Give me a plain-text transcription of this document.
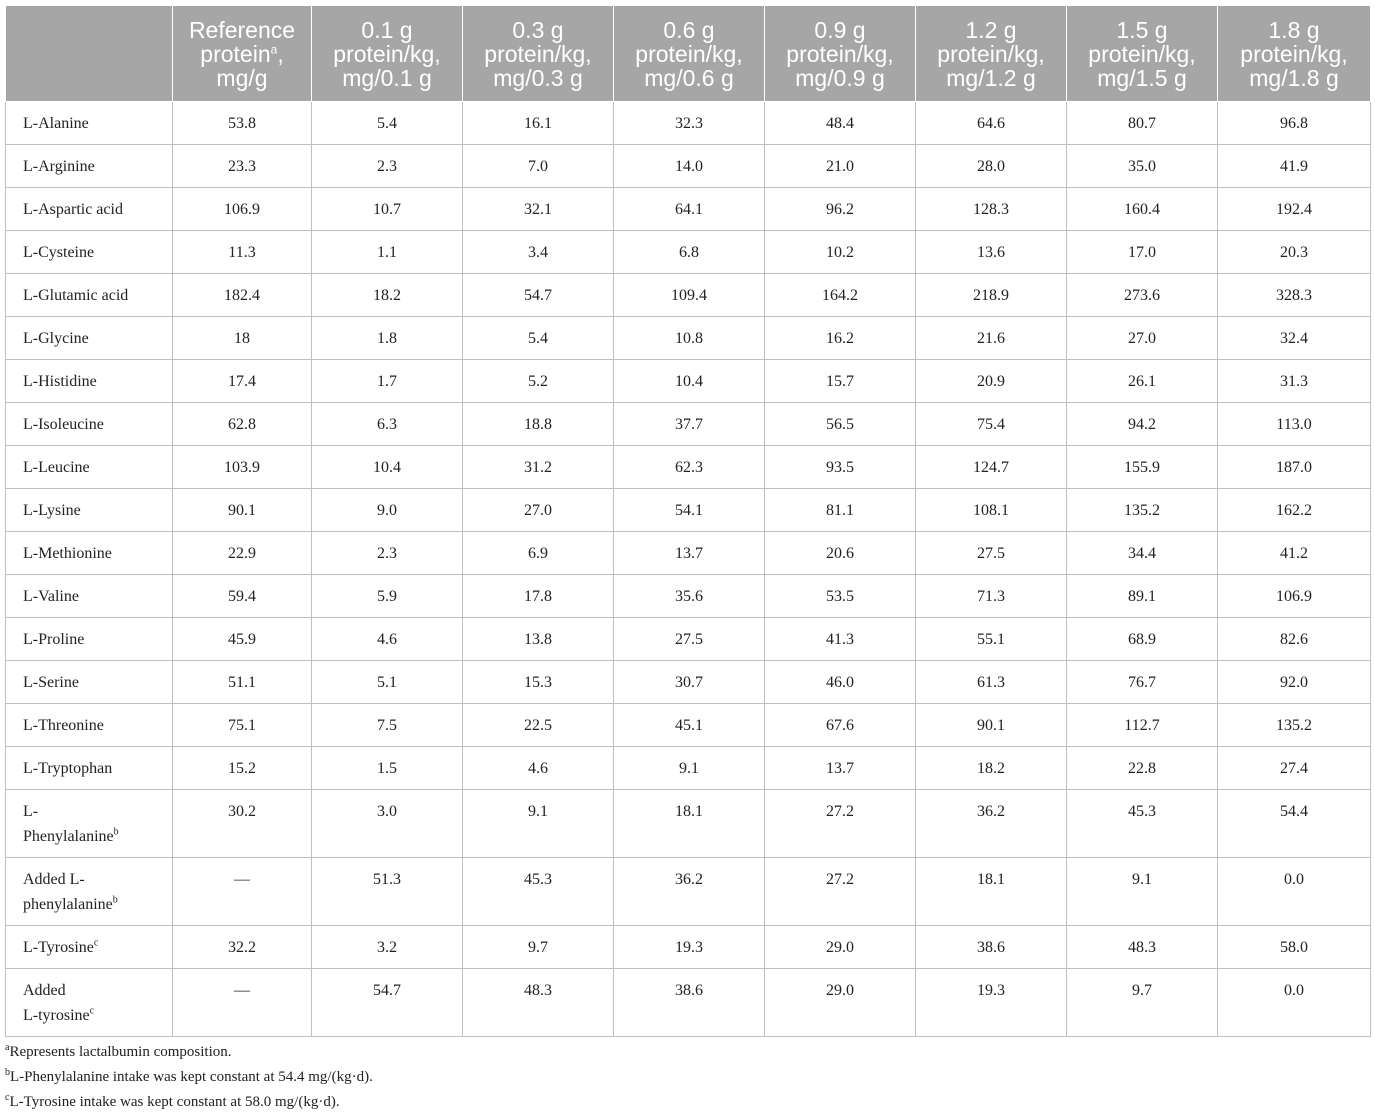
	Reference
protein$^a$,
mg/g	0.1 g
protein/kg,
mg/0.1 g	0.3 g
protein/kg,
mg/0.3 g	0.6 g
protein/kg,
mg/0.6 g	0.9 g
protein/kg,
mg/0.9 g	1.2 g
protein/kg,
mg/1.2 g	1.5 g
protein/kg,
mg/1.5 g	1.8 g
protein/kg,
mg/1.8 g
L-Alanine	53.8	5.4	16.1	32.3	48.4	64.6	80.7	96.8
L-Arginine	23.3	2.3	7.0	14.0	21.0	28.0	35.0	41.9
L-Aspartic acid	106.9	10.7	32.1	64.1	96.2	128.3	160.4	192.4
L-Cysteine	11.3	1.1	3.4	6.8	10.2	13.6	17.0	20.3
L-Glutamic acid	182.4	18.2	54.7	109.4	164.2	218.9	273.6	328.3
L-Glycine	18	1.8	5.4	10.8	16.2	21.6	27.0	32.4
L-Histidine	17.4	1.7	5.2	10.4	15.7	20.9	26.1	31.3
L-Isoleucine	62.8	6.3	18.8	37.7	56.5	75.4	94.2	113.0
L-Leucine	103.9	10.4	31.2	62.3	93.5	124.7	155.9	187.0
L-Lysine	90.1	9.0	27.0	54.1	81.1	108.1	135.2	162.2
L-Methionine	22.9	2.3	6.9	13.7	20.6	27.5	34.4	41.2
L-Valine	59.4	5.9	17.8	35.6	53.5	71.3	89.1	106.9
L-Proline	45.9	4.6	13.8	27.5	41.3	55.1	68.9	82.6
L-Serine	51.1	5.1	15.3	30.7	46.0	61.3	76.7	92.0
L-Threonine	75.1	7.5	22.5	45.1	67.6	90.1	112.7	135.2
L-Tryptophan	15.2	1.5	4.6	9.1	13.7	18.2	22.8	27.4
L-
Phenylalanine$^b$	30.2	3.0	9.1	18.1	27.2	36.2	45.3	54.4
Added L-
phenylalanine$^b$	—	51.3	45.3	36.2	27.2	18.1	9.1	0.0
L-Tyrosine$^c$	32.2	3.2	9.7	19.3	29.0	38.6	48.3	58.0
Added
L-tyrosine$^c$	—	54.7	48.3	38.6	29.0	19.3	9.7	0.0
$^a$Represents lactalbumin composition.
$^b$L-Phenylalanine intake was kept constant at 54.4 mg/(kg·d).
$^c$L-Tyrosine intake was kept constant at 58.0 mg/(kg·d).
